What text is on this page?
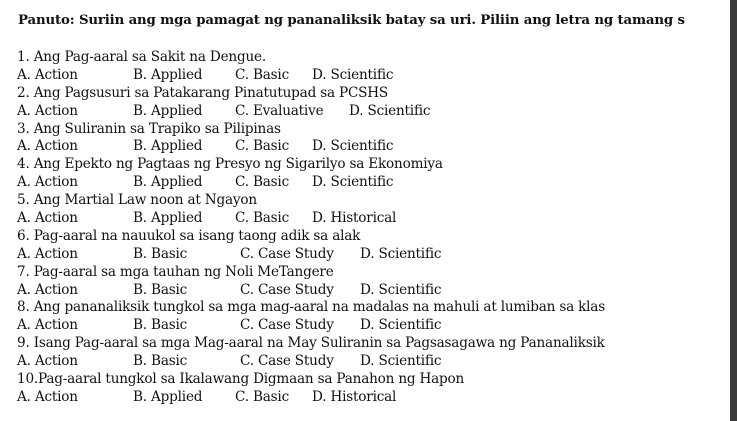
Panuto: Suriin ang mga pamagat ng pananaliksik batay sa uri. Piliin ang letra ng tamang s
1. Ang Pag-aaral sa Sakit na Dengue.
A. Action	B. Applied C. Basic D. Scientific
2. Ang Pagsusuri sa Patakarang Pinatutupad sa PCSHS
A. Action	B. Applied C. Evaluative D. Scientific
3. Ang Suliranin sa Trapiko sa Pilipinas
A. Action	B. Applied C. Basic D. Scientific
4. Ang Epekto ng Pagtaas ng Presyo ng Sigarilyo sa Ekonomiya
A. Action	B. Applied C. Basic D. Scientific
5. Ang Martial Law noon at Ngayon
A. Action	B. Applied C. Basic D. Historical
6. Pag-aaral na nauukol sa isang taong adik sa alak
A. Action	B. Basic	C. Case Study D. Scientific
7. Pag-aaral sa mga tauhan ng Noli MeTangere
A. Action	B. Basic	C. Case Study D. Scientific
8. Ang pananaliksik tungkol sa mga mag-aaral na madalas na mahuli at lumiban sa klas
A. Action	B. Basic	C. Case Study D. Scientific
9. Isang Pag-aaral sa mga Mag-aaral na May Suliranin sa Pagsasagawa ng Pananaliksik
A. Action	B. Basic	C. Case Study D. Scientific
10.Pag-aaral tungkol sa Ikalawang Digmaan sa Panahon ng Hapon
A. Action	B. Applied C. Basic D. Historical
